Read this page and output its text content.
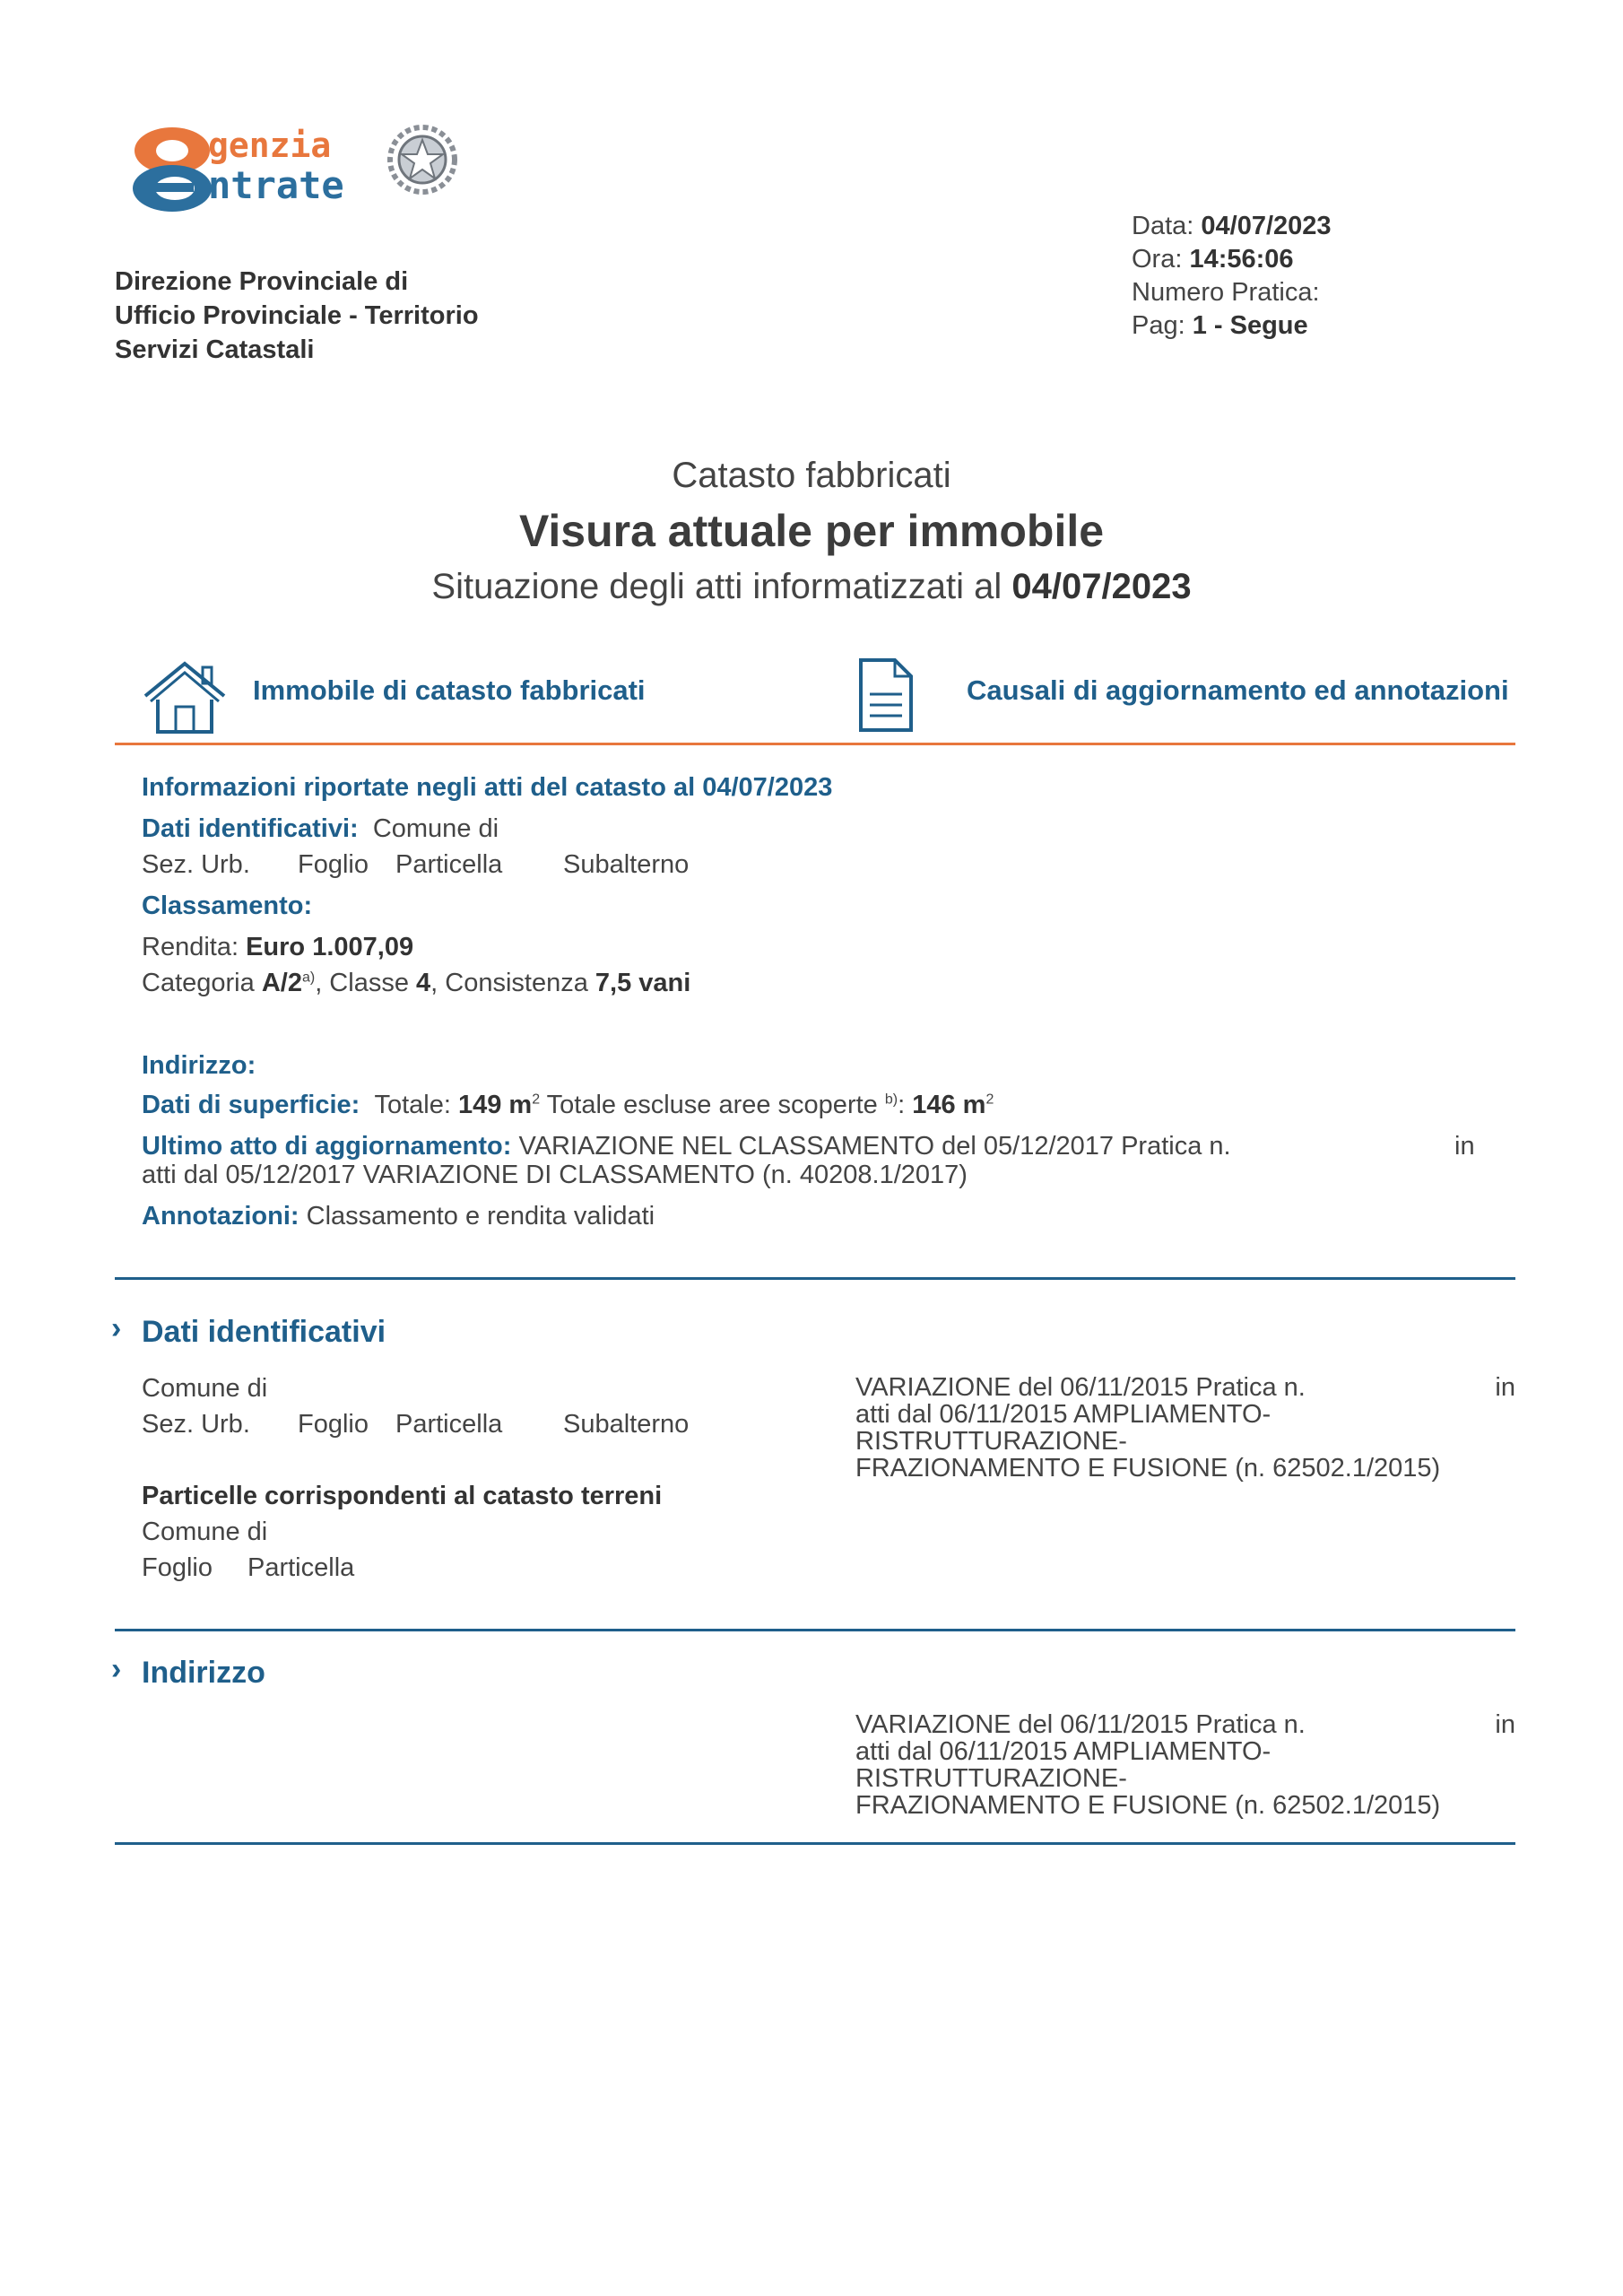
genzia
ntrate
Direzione Provinciale di
Ufficio Provinciale - Territorio
Servizi Catastali
Data: 04/07/2023
Ora: 14:56:06
Numero Pratica:
Pag: 1 - Segue
Catasto fabbricati
Visura attuale per immobile
Situazione degli atti informatizzati al 04/07/2023
Immobile di catasto fabbricati	Causali di aggiornamento ed annotazioni
Informazioni riportate negli atti del catasto al 04/07/2023
Dati identificativi: Comune di
Sez. Urb. Foglio Particella Subalterno
Classamento:
Rendita: Euro 1.007,09
Categoria A/2$^{a)}$, Classe 4, Consistenza 7,5 vani
Indirizzo:
Dati di superficie: Totale: 149 $m^2$ Totale escluse aree scoperte $^{b)}$: 146 $m^2$
Ultimo atto di aggiornamento: VARIAZIONE NEL CLASSAMENTO del 05/12/2017 Pratica n.	in
atti dal 05/12/2017 VARIAZIONE DI CLASSAMENTO (n. 40208.1/2017)
Annotazioni: Classamento e rendita validati
› Dati identificativi
Comune di
Sez. Urb. Foglio Particella Subalterno
VARIAZIONE del 06/11/2015 Pratica n.	in
atti dal 06/11/2015 AMPLIAMENTO-RISTRUTTURAZIONE-
FRAZIONAMENTO E FUSIONE (n. 62502.1/2015)
Particelle corrispondenti al catasto terreni
Comune di
Foglio Particella
› Indirizzo
VARIAZIONE del 06/11/2015 Pratica n.	in
atti dal 06/11/2015 AMPLIAMENTO-RISTRUTTURAZIONE-
FRAZIONAMENTO E FUSIONE (n. 62502.1/2015)
